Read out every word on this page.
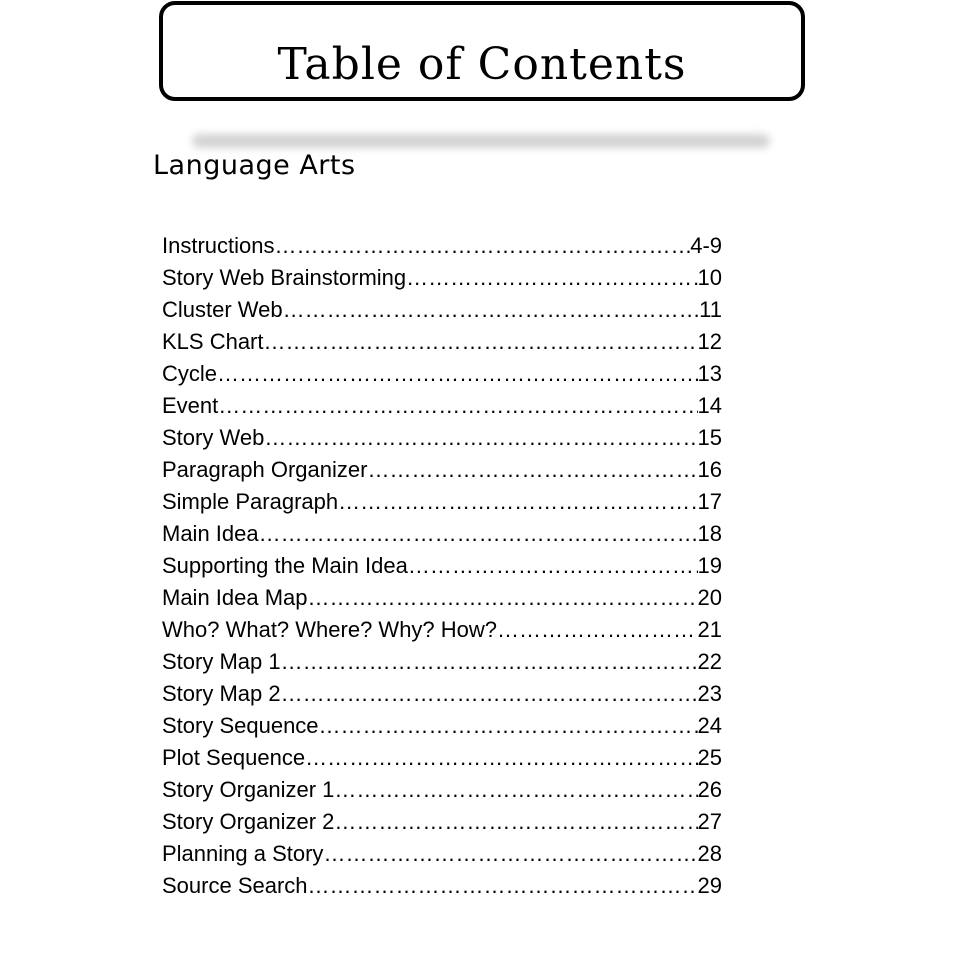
Table of Contents
Language Arts
Instructions ………………………………………………………………………………………………………………	4-9
Story Web Brainstorming ………………………………………………………………………………………………………………	10
Cluster Web ………………………………………………………………………………………………………………	11
KLS Chart ………………………………………………………………………………………………………………	12
Cycle ………………………………………………………………………………………………………………	13
Event ………………………………………………………………………………………………………………	14
Story Web ………………………………………………………………………………………………………………	15
Paragraph Organizer ………………………………………………………………………………………………………………	16
Simple Paragraph ………………………………………………………………………………………………………………	17
Main Idea ………………………………………………………………………………………………………………	18
Supporting the Main Idea ………………………………………………………………………………………………………………	19
Main Idea Map ………………………………………………………………………………………………………………	20
Who? What? Where? Why? How? ………………………………………………………………………………………………………………	21
Story Map 1 ………………………………………………………………………………………………………………	22
Story Map 2 ………………………………………………………………………………………………………………	23
Story Sequence ………………………………………………………………………………………………………………	24
Plot Sequence ………………………………………………………………………………………………………………	25
Story Organizer 1 ………………………………………………………………………………………………………………	26
Story Organizer 2 ………………………………………………………………………………………………………………	27
Planning a Story ………………………………………………………………………………………………………………	28
Source Search ………………………………………………………………………………………………………………	29
